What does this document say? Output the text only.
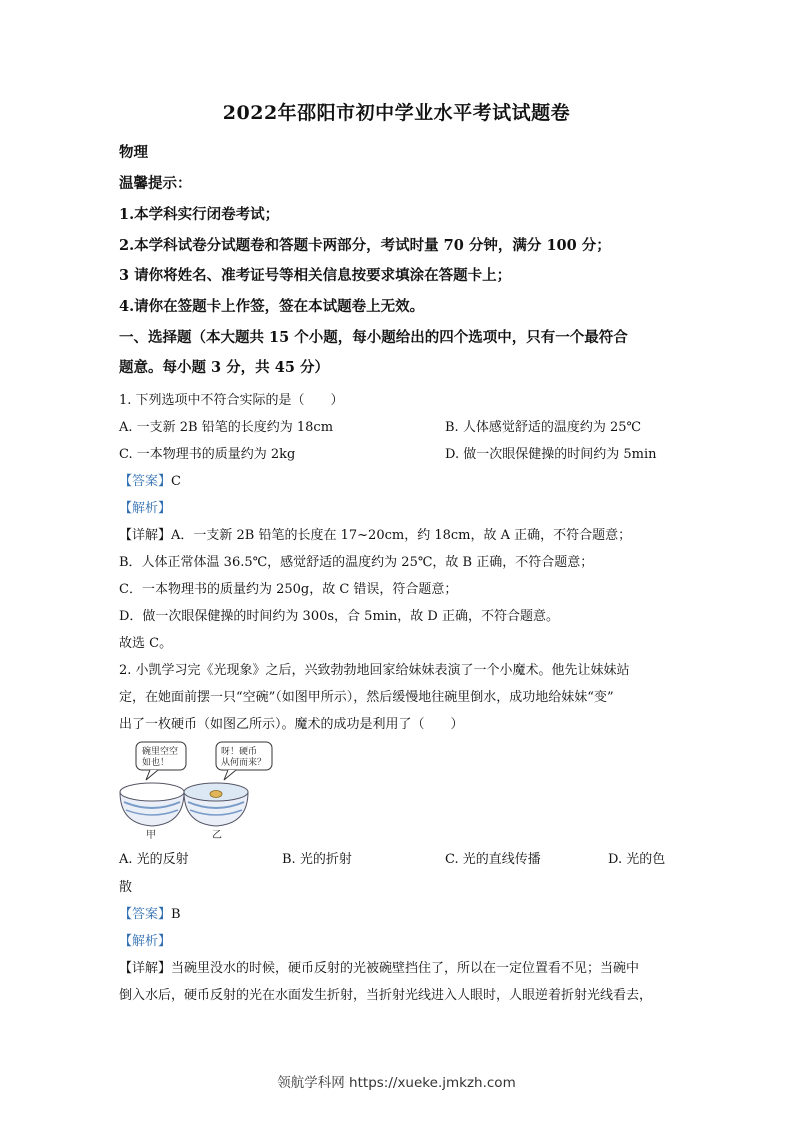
2022年邵阳市初中学业水平考试试题卷
物理
温馨提示：
1.本学科实行闭卷考试；
2.本学科试卷分试题卷和答题卡两部分，考试时量 70 分钟，满分 100 分；
3 请你将姓名、准考证号等相关信息按要求填涂在答题卡上；
4.请你在签题卡上作签，签在本试题卷上无效。
一、选择题（本大题共 15 个小题，每小题给出的四个选项中，只有一个最符合
题意。每小题 3 分，共 45 分）
1. 下列选项中不符合实际的是（　　）
A. 一支新 2B 铅笔的长度约为 18cm	B. 人体感觉舒适的温度约为 25℃
C. 一本物理书的质量约为 2kg	D. 做一次眼保健操的时间约为 5min
【答案】C
【解析】
【详解】A．一支新 2B 铅笔的长度在 17~20cm，约 18cm，故 A 正确，不符合题意；
B．人体正常体温 36.5℃，感觉舒适的温度约为 25℃，故 B 正确，不符合题意；
C．一本物理书的质量约为 250g，故 C 错误，符合题意；
D．做一次眼保健操的时间约为 300s，合 5min，故 D 正确，不符合题意。
故选 C。
2. 小凯学习完《光现象》之后，兴致勃勃地回家给妹妹表演了一个小魔术。他先让妹妹站
定，在她面前摆一只“空碗”（如图甲所示），然后缓慢地往碗里倒水，成功地给妹妹“变”
出了一枚硬币（如图乙所示）。魔术的成功是利用了（　　）
碗里空空
如也！
呀！硬币
从何而来？
甲	乙
A. 光的反射	B. 光的折射	C. 光的直线传播	D. 光的色
散
【答案】B
【解析】
【详解】当碗里没水的时候，硬币反射的光被碗壁挡住了，所以在一定位置看不见；当碗中
倒入水后，硬币反射的光在水面发生折射，当折射光线进入人眼时，人眼逆着折射光线看去，
领航学科网 https://xueke.jmkzh.com
